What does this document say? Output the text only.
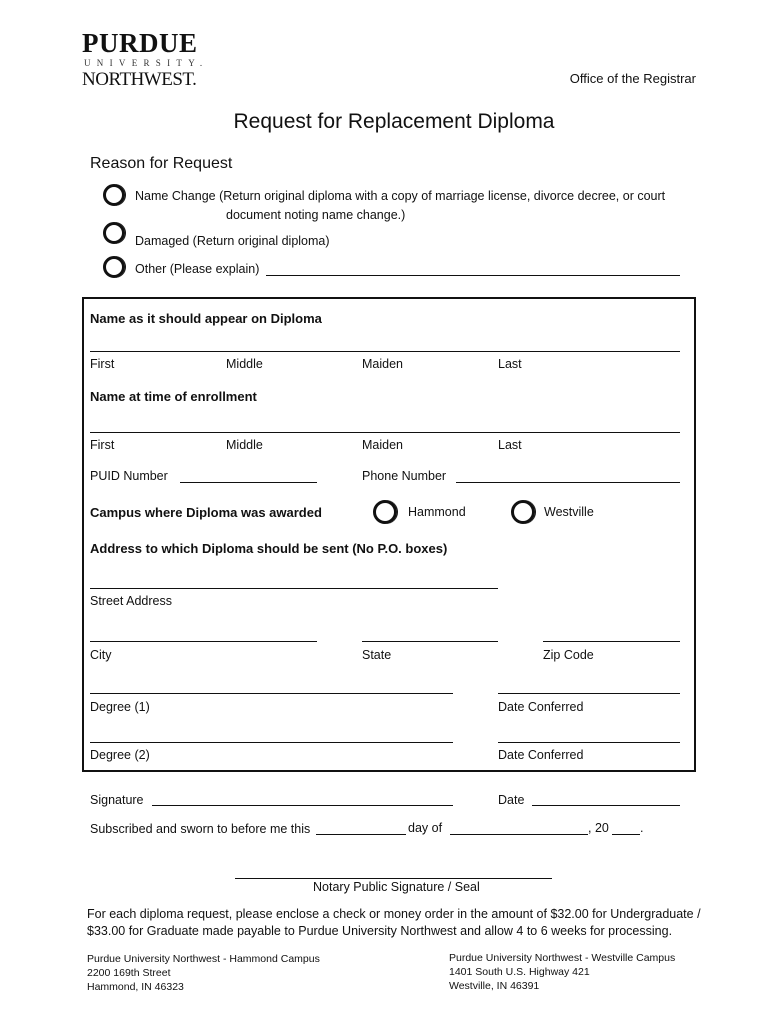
PURDUE
UNIVERSITY.
NORTHWEST.	Office of the Registrar
Request for Replacement Diploma
Reason for Request
Name Change (Return original diploma with a copy of marriage license, divorce decree, or court
document noting name change.)
Damaged (Return original diploma)
Other (Please explain)
Name as it should appear on Diploma
First	Middle	Maiden	Last
Name at time of enrollment
First	Middle	Maiden	Last
PUID Number	Phone Number
Campus where Diploma was awarded	Hammond	Westville
Address to which Diploma should be sent (No P.O. boxes)
Street Address
City	State	Zip Code
Degree (1)	Date Conferred
Degree (2)	Date Conferred
Signature	Date
Subscribed and sworn to before me this	day of	, 20 .
Notary Public Signature / Seal
For each diploma request, please enclose a check or money order in the amount of $32.00 for Undergraduate / $33.00 for Graduate made payable to Purdue University Northwest and allow 4 to 6 weeks for processing.
Purdue University Northwest - Hammond Campus
2200 169th Street
Hammond, IN 46323
Purdue University Northwest - Westville Campus
1401 South U.S. Highway 421
Westville, IN 46391
